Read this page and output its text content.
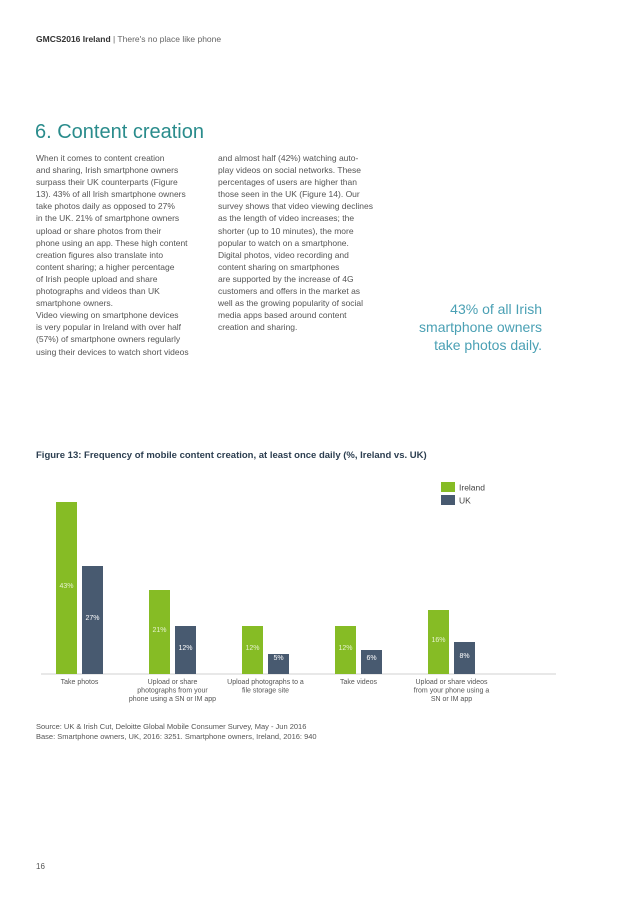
GMCS2016 Ireland | There's no place like phone
6. Content creation

When it comes to content creation
and sharing, Irish smartphone owners
surpass their UK counterparts (Figure
13). 43% of all Irish smartphone owners
take photos daily as opposed to 27%
in the UK. 21% of smartphone owners
upload or share photos from their
phone using an app. These high content
creation figures also translate into
content sharing; a higher percentage
of Irish people upload and share
photographs and videos than UK
smartphone owners.
Video viewing on smartphone devices
is very popular in Ireland with over half
(57%) of smartphone owners regularly
using their devices to watch short videos

and almost half (42%) watching auto-
play videos on social networks. These
percentages of users are higher than
those seen in the UK (Figure 14). Our
survey shows that video viewing declines
as the length of video increases; the
shorter (up to 10 minutes), the more
popular to watch on a smartphone.
Digital photos, video recording and
content sharing on smartphones
are supported by the increase of 4G
customers and offers in the market as
well as the growing popularity of social
media apps based around content
creation and sharing.

43% of all Irish
smartphone owners
take photos daily.
Figure 13: Frequency of mobile content creation, at least once daily (%, Ireland vs. UK)
43%
27%
Take photos
21%
12%
Upload or share photographs from your phone using a SN or IM app
12%
5%
Upload photographs to a file storage site
12%
6%
Take videos
16%
8%
Upload or share videos from your phone using a SN or IM app
Ireland
UK
Source: UK & Irish Cut, Deloitte Global Mobile Consumer Survey, May - Jun 2016
Base: Smartphone owners, UK, 2016: 3251. Smartphone owners, Ireland, 2016: 940
16
